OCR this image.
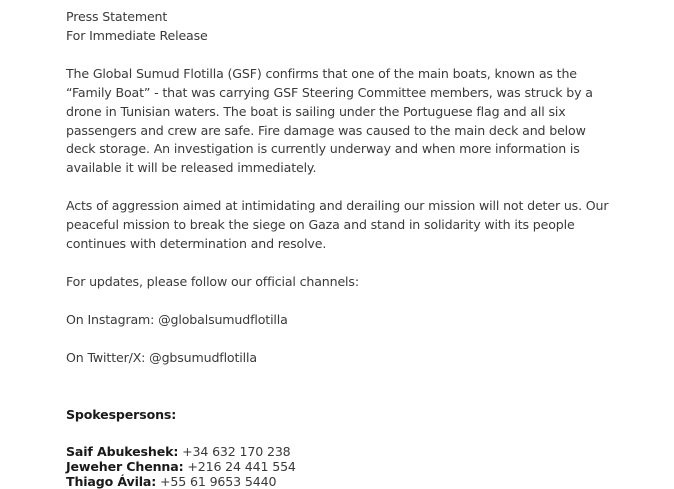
Press Statement
For Immediate Release
The Global Sumud Flotilla (GSF) confirms that one of the main boats, known as the
“Family Boat” - that was carrying GSF Steering Committee members, was struck by a
drone in Tunisian waters. The boat is sailing under the Portuguese flag and all six
passengers and crew are safe. Fire damage was caused to the main deck and below
deck storage. An investigation is currently underway and when more information is
available it will be released immediately.
Acts of aggression aimed at intimidating and derailing our mission will not deter us. Our
peaceful mission to break the siege on Gaza and stand in solidarity with its people
continues with determination and resolve.
For updates, please follow our official channels:
On Instagram: @globalsumudflotilla
On Twitter/X: @gbsumudflotilla
Spokespersons:
Saif Abukeshek: +34 632 170 238
Jeweher Chenna: +216 24 441 554
Thiago Ávila: +55 61 9653 5440
